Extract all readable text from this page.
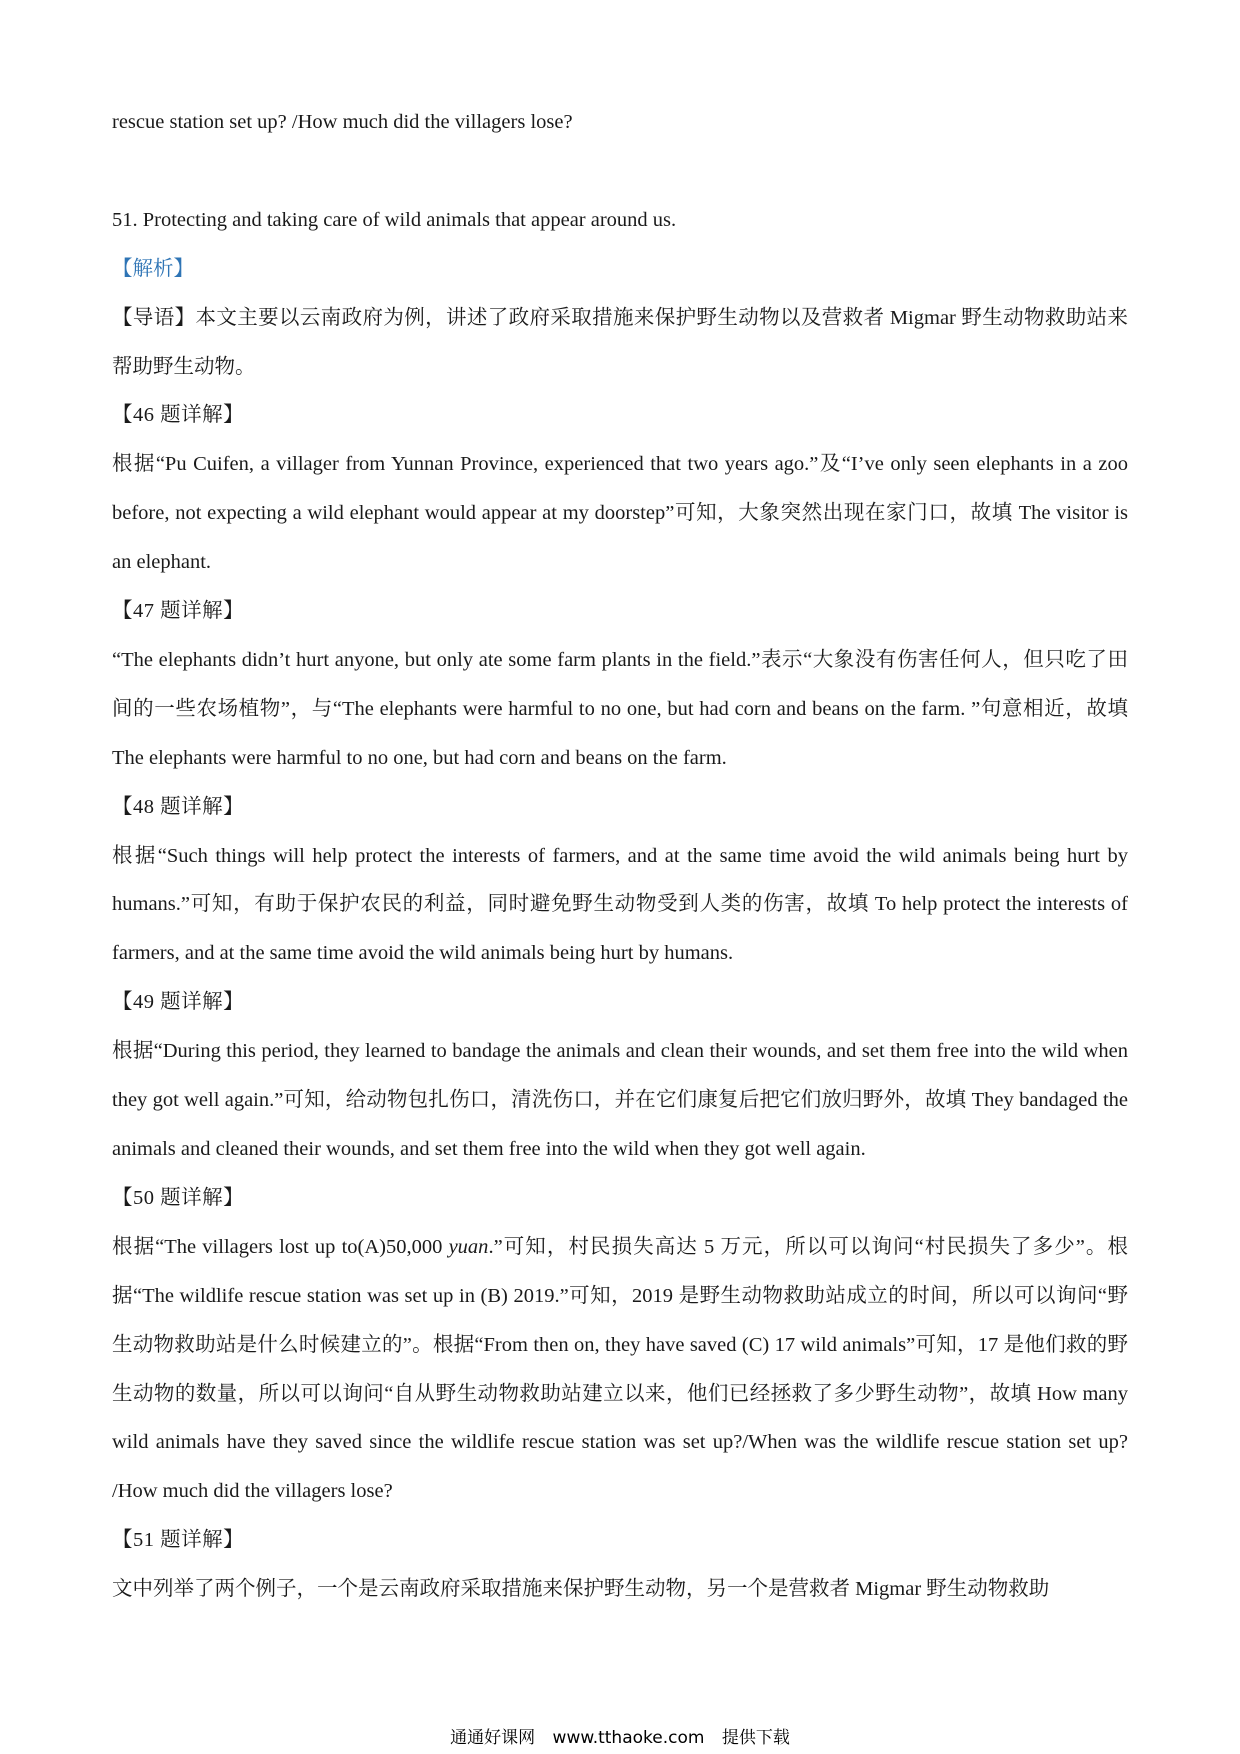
rescue station set up? /How much did the villagers lose?

51. Protecting and taking care of wild animals that appear around us.

【解析】

【导语】本文主要以云南政府为例，讲述了政府采取措施来保护野生动物以及营救者 Migmar 野生动物救助站来帮助野生动物。

【46 题详解】

根据“Pu Cuifen, a villager from Yunnan Province, experienced that two years ago.”及“I’ve only seen elephants in a zoo before, not expecting a wild elephant would appear at my doorstep”可知，大象突然出现在家门口，故填 The visitor is an elephant.

【47 题详解】

“The elephants didn’t hurt anyone, but only ate some farm plants in the field.”表示“大象没有伤害任何人，但只吃了田间的一些农场植物”，与“The elephants were harmful to no one, but had corn and beans on the farm. ”句意相近，故填 The elephants were harmful to no one, but had corn and beans on the farm.

【48 题详解】

根据“Such things will help protect the interests of farmers, and at the same time avoid the wild animals being hurt by humans.”可知，有助于保护农民的利益，同时避免野生动物受到人类的伤害，故填 To help protect the interests of farmers, and at the same time avoid the wild animals being hurt by humans.

【49 题详解】

根据“During this period, they learned to bandage the animals and clean their wounds, and set them free into the wild when they got well again.”可知，给动物包扎伤口，清洗伤口，并在它们康复后把它们放归野外，故填 They bandaged the animals and cleaned their wounds, and set them free into the wild when they got well again.

【50 题详解】

根据“The villagers lost up to(A)50,000 yuan.”可知，村民损失高达 5 万元，所以可以询问“村民损失了多少”。根据“The wildlife rescue station was set up in (B) 2019.”可知，2019 是野生动物救助站成立的时间，所以可以询问“野生动物救助站是什么时候建立的”。根据“From then on, they have saved (C) 17 wild animals”可知，17 是他们救的野生动物的数量，所以可以询问“自从野生动物救助站建立以来，他们已经拯救了多少野生动物”，故填 How many wild animals have they saved since the wildlife rescue station was set up?/When was the wildlife rescue station set up? /How much did the villagers lose?

【51 题详解】

文中列举了两个例子，一个是云南政府采取措施来保护野生动物，另一个是营救者 Migmar 野生动物救助

通通好课网 www.tthaoke.com 提供下载
